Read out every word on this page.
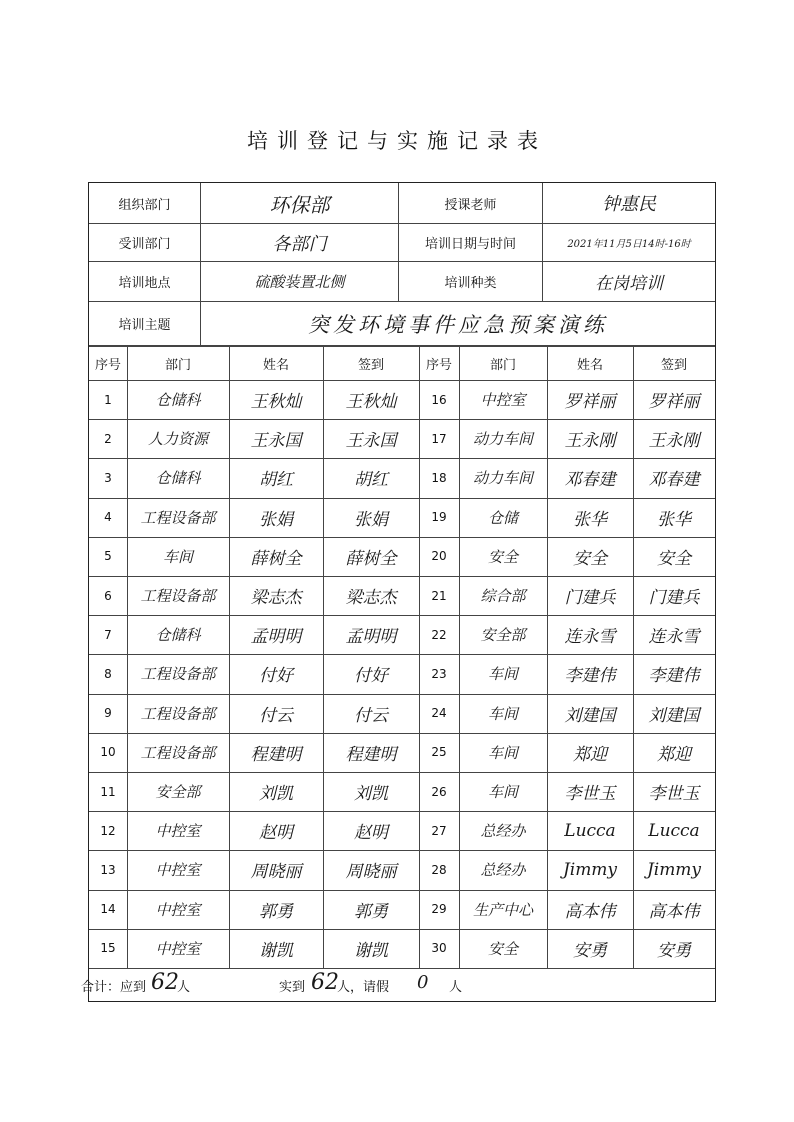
培训登记与实施记录表
组织部门	环保部	授课老师	钟惠民
受训部门	各部门	培训日期与时间	2021年11月5日14时-16时
培训地点	硫酸装置北侧	培训种类	在岗培训
培训主题	突发环境事件应急预案演练
序号	部门	姓名	签到	序号	部门	姓名	签到
1	仓储科	王秋灿	王秋灿	16	中控室	罗祥丽	罗祥丽
2	人力资源	王永国	王永国	17	动力车间	王永刚	王永刚
3	仓储科	胡红	胡红	18	动力车间	邓春建	邓春建
4	工程设备部	张娟	张娟	19	仓储	张华	张华
5	车间	薛树全	薛树全	20	安全	安全	安全
6	工程设备部	梁志杰	梁志杰	21	综合部	门建兵	门建兵
7	仓储科	孟明明	孟明明	22	安全部	连永雪	连永雪
8	工程设备部	付好	付好	23	车间	李建伟	李建伟
9	工程设备部	付云	付云	24	车间	刘建国	刘建国
10	工程设备部	程建明	程建明	25	车间	郑迎	郑迎
11	安全部	刘凯	刘凯	26	车间	李世玉	李世玉
12	中控室	赵明	赵明	27	总经办	Lucca	Lucca
13	中控室	周晓丽	周晓丽	28	总经办	Jimmy	Jimmy
14	中控室	郭勇	郭勇	29	生产中心	高本伟	高本伟
15	中控室	谢凯	谢凯	30	安全	安勇	安勇
合计：应到 62
人	实到 62
人，请假 0 人
